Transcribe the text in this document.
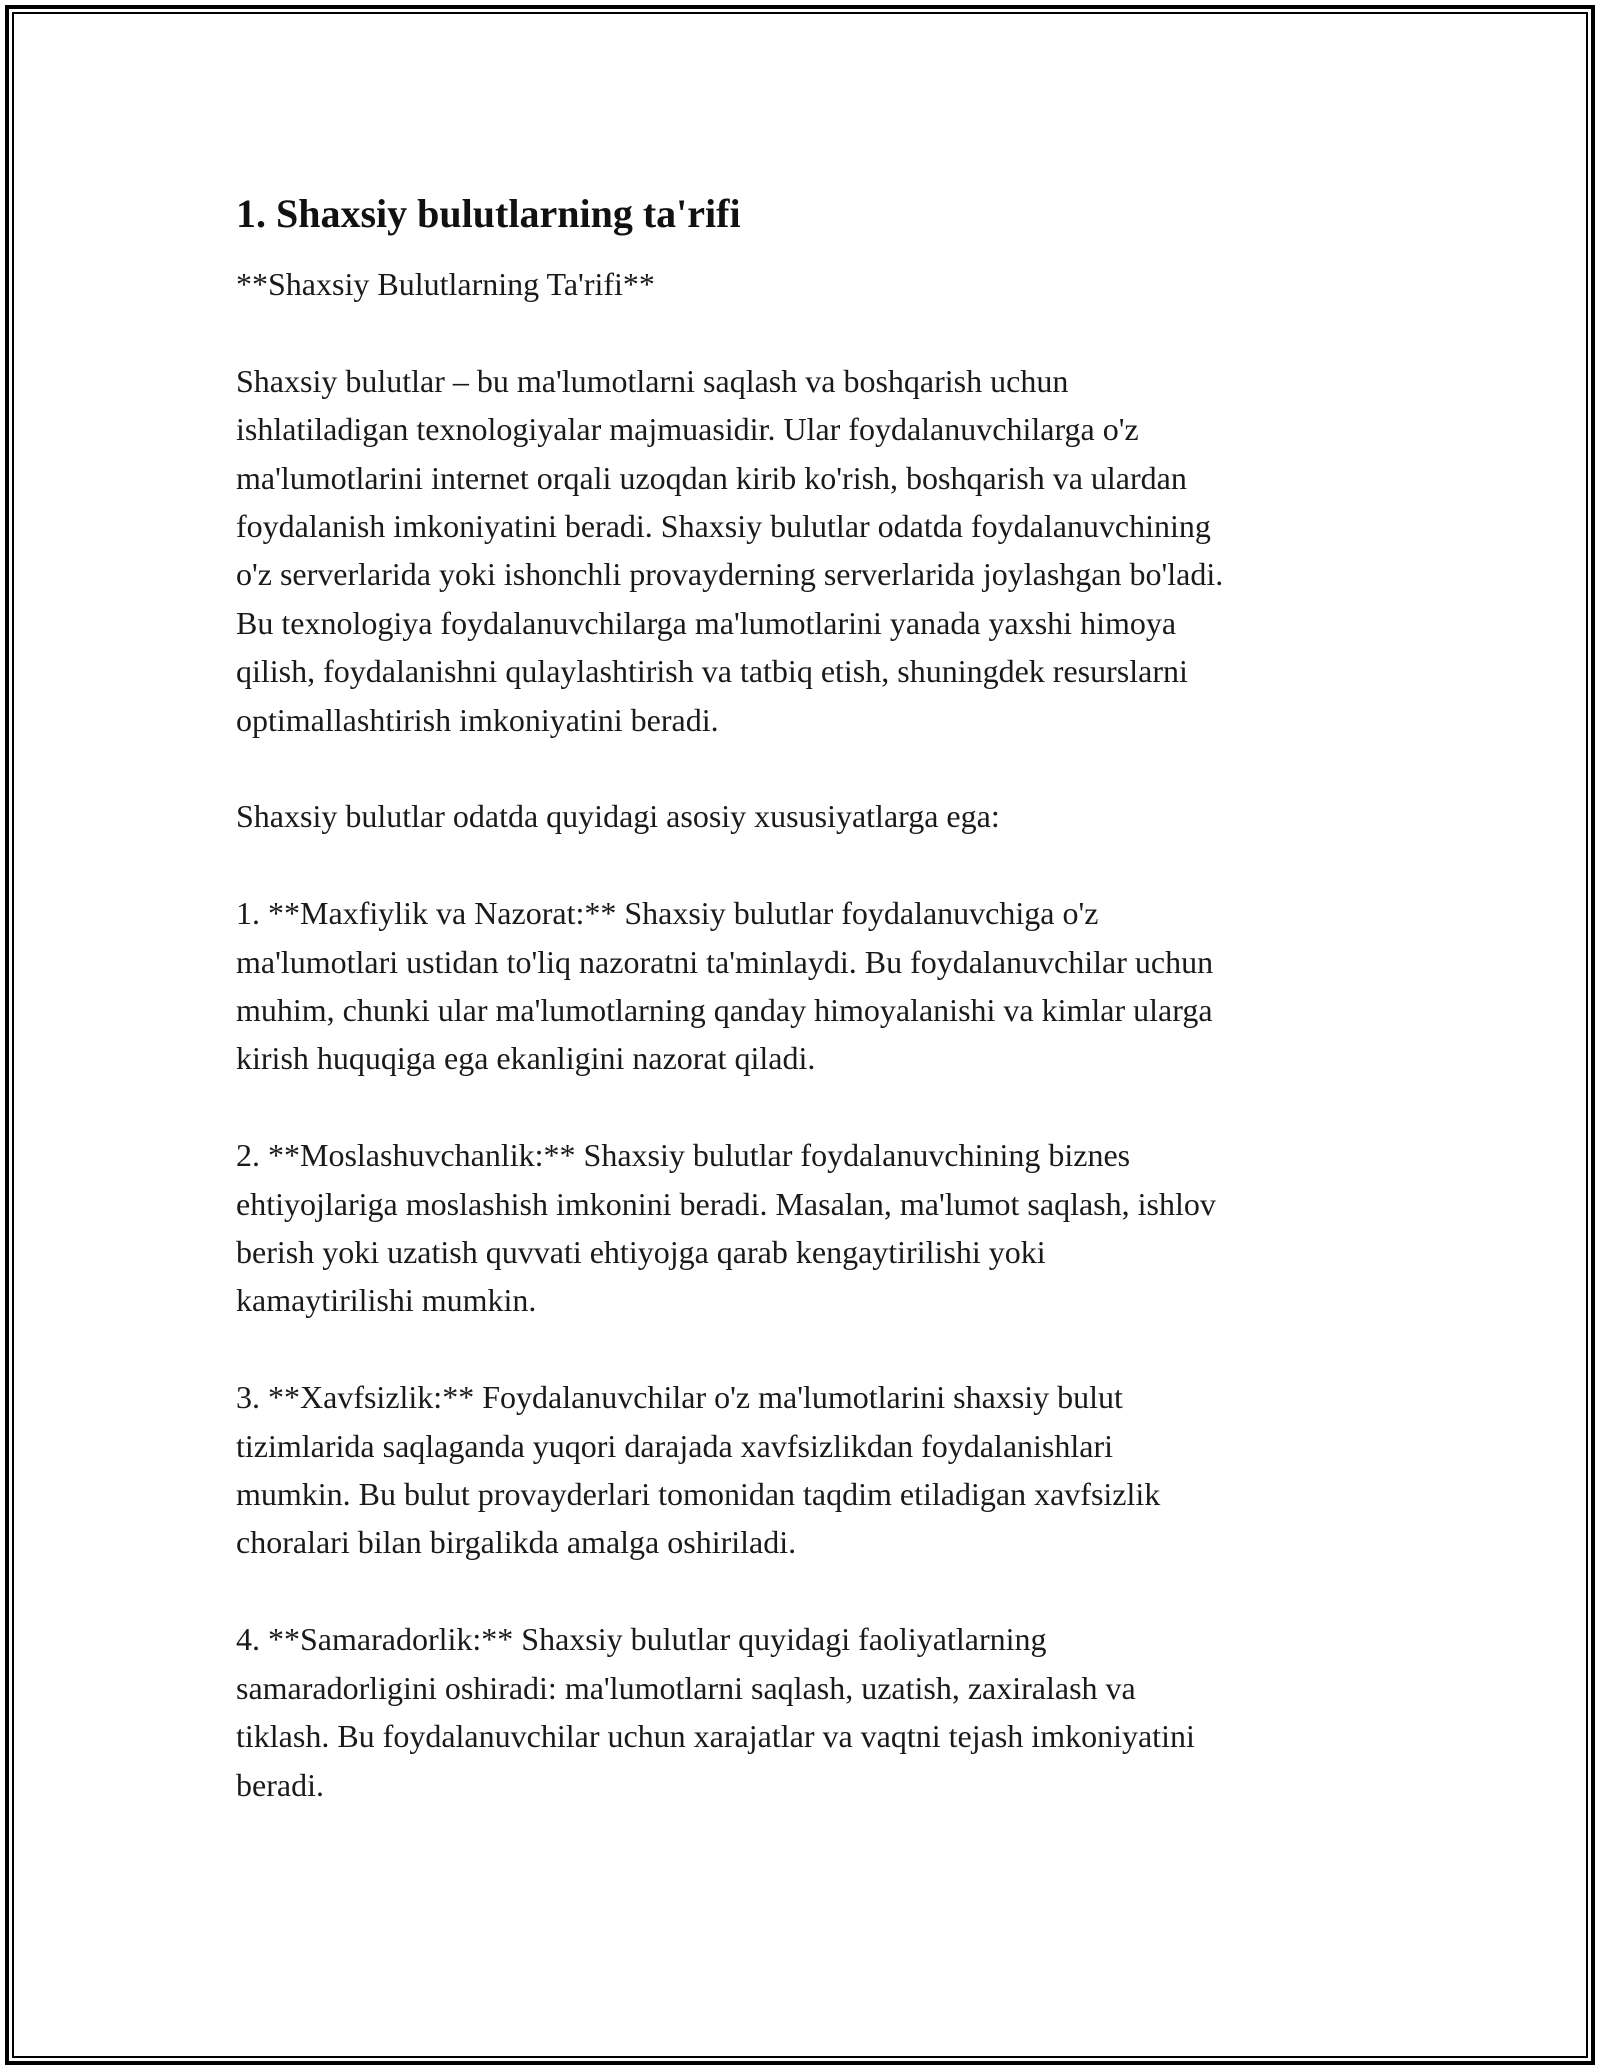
1. Shaxsiy bulutlarning ta'rifi

**Shaxsiy Bulutlarning Ta'rifi**

Shaxsiy bulutlar – bu ma'lumotlarni saqlash va boshqarish uchun
ishlatiladigan texnologiyalar majmuasidir. Ular foydalanuvchilarga o'z
ma'lumotlarini internet orqali uzoqdan kirib ko'rish, boshqarish va ulardan
foydalanish imkoniyatini beradi. Shaxsiy bulutlar odatda foydalanuvchining
o'z serverlarida yoki ishonchli provayderning serverlarida joylashgan bo'ladi.
Bu texnologiya foydalanuvchilarga ma'lumotlarini yanada yaxshi himoya
qilish, foydalanishni qulaylashtirish va tatbiq etish, shuningdek resurslarni
optimallashtirish imkoniyatini beradi.

Shaxsiy bulutlar odatda quyidagi asosiy xususiyatlarga ega:

1. **Maxfiylik va Nazorat:** Shaxsiy bulutlar foydalanuvchiga o'z
ma'lumotlari ustidan to'liq nazoratni ta'minlaydi. Bu foydalanuvchilar uchun
muhim, chunki ular ma'lumotlarning qanday himoyalanishi va kimlar ularga
kirish huquqiga ega ekanligini nazorat qiladi.

2. **Moslashuvchanlik:** Shaxsiy bulutlar foydalanuvchining biznes
ehtiyojlariga moslashish imkonini beradi. Masalan, ma'lumot saqlash, ishlov
berish yoki uzatish quvvati ehtiyojga qarab kengaytirilishi yoki
kamaytirilishi mumkin.

3. **Xavfsizlik:** Foydalanuvchilar o'z ma'lumotlarini shaxsiy bulut
tizimlarida saqlaganda yuqori darajada xavfsizlikdan foydalanishlari
mumkin. Bu bulut provayderlari tomonidan taqdim etiladigan xavfsizlik
choralari bilan birgalikda amalga oshiriladi.

4. **Samaradorlik:** Shaxsiy bulutlar quyidagi faoliyatlarning
samaradorligini oshiradi: ma'lumotlarni saqlash, uzatish, zaxiralash va
tiklash. Bu foydalanuvchilar uchun xarajatlar va vaqtni tejash imkoniyatini
beradi.
